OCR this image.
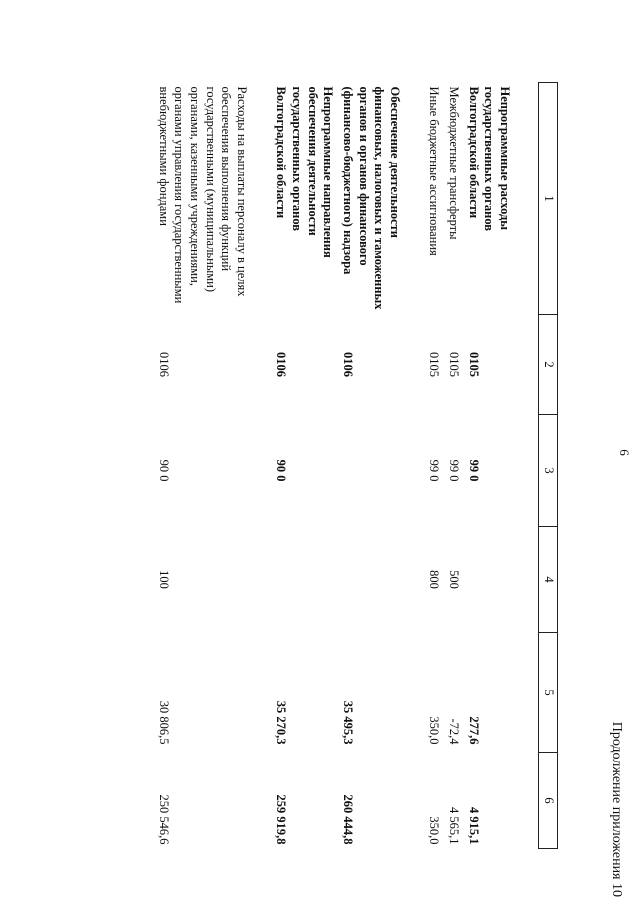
6
Продолжение приложения 10
1	2	3	4	5	6
Непрограммные расходы государственных органов Волгоградской области	0105	99 0		277,6	4 915,1
Межбюджетные трансферты	0105	99 0	500	-72,4	4 565,1
Иные бюджетные ассигнования	0105	99 0	800	350,0	350,0
Обеспечение деятельности финансовых, налоговых и таможенных органов и органов финансового (финансово-бюджетного) надзора	0106			35 495,3	260 444,8
Непрограммные направления обеспечения деятельности государственных органов Волгоградской области	0106	90 0		35 270,3	259 919,8
Расходы на выплаты персоналу в целях обеспечения выполнения функций государственными (муниципальными) органами, казенными учреждениями, органами управления государственными внебюджетными фондами	0106	90 0	100	30 806,5	250 546,6
